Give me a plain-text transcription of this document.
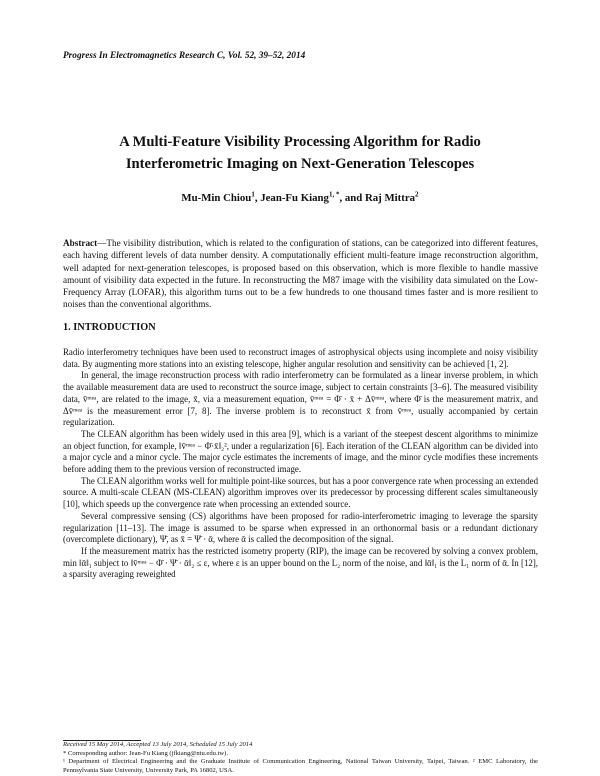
Progress In Electromagnetics Research C, Vol. 52, 39–52, 2014
A Multi-Feature Visibility Processing Algorithm for Radio
Interferometric Imaging on Next-Generation Telescopes
Mu-Min Chiou$^1$, Jean-Fu Kiang$^{1, *}$, and Raj Mittra$^2$

Abstract—The visibility distribution, which is related to the configuration of stations, can be categorized into different features, each having different levels of data number density. A computationally efficient multi-feature image reconstruction algorithm, well adapted for next-generation telescopes, is proposed based on this observation, which is more flexible to handle massive amount of visibility data expected in the future. In reconstructing the M87 image with the visibility data simulated on the Low-Frequency Array (LOFAR), this algorithm turns out to be a few hundreds to one thousand times faster and is more resilient to noises than the conventional algorithms.

1. INTRODUCTION

Radio interferometry techniques have been used to reconstruct images of astrophysical objects using incomplete and noisy visibility data. By augmenting more stations into an existing telescope, higher angular resolution and sensitivity can be achieved [1, 2].

In general, the image reconstruction process with radio interferometry can be formulated as a linear inverse problem, in which the available measurement data are used to reconstruct the source image, subject to certain constraints [3–6]. The measured visibility data, v̄ᵐᵉᵃ, are related to the image, x̄, via a measurement equation, v̄ᵐᵉᵃ = Φ̄ · x̄ + Δv̄ᵐᵉᵃ, where Φ̄ is the measurement matrix, and Δv̄ᵐᵉᵃ is the measurement error [7, 8]. The inverse problem is to reconstruct x̄ from v̄ᵐᵉᵃ, usually accompanied by certain regularization.

The CLEAN algorithm has been widely used in this area [9], which is a variant of the steepest descent algorithms to minimize an object function, for example, ‖v̄ᵐᵉᵃ − Φ̄·x̄‖₂², under a regularization [6]. Each iteration of the CLEAN algorithm can be divided into a major cycle and a minor cycle. The major cycle estimates the increments of image, and the minor cycle modifies these increments before adding them to the previous version of reconstructed image.

The CLEAN algorithm works well for multiple point-like sources, but has a poor convergence rate when processing an extended source. A multi-scale CLEAN (MS-CLEAN) algorithm improves over its predecessor by processing different scales simultaneously [10], which speeds up the convergence rate when processing an extended source.

Several compressive sensing (CS) algorithms have been proposed for radio-interferometric imaging to leverage the sparsity regularization [11–13]. The image is assumed to be sparse when expressed in an orthonormal basis or a redundant dictionary (overcomplete dictionary), Ψ̄, as x̄ = Ψ̄ · ᾱ, where ᾱ is called the decomposition of the signal.

If the measurement matrix has the restricted isometry property (RIP), the image can be recovered by solving a convex problem, min ‖ᾱ‖₁ subject to ‖v̄ᵐᵉᵃ − Φ̄ · Ψ̄ · ᾱ‖₂ ≤ ε, where ε is an upper bound on the L₂ norm of the noise, and ‖ᾱ‖₁ is the L₁ norm of ᾱ. In [12], a sparsity averaging reweighted

Received 15 May 2014, Accepted 13 July 2014, Scheduled 15 July 2014
* Corresponding author: Jean-Fu Kiang (jfkiang@ntu.edu.tw).
¹ Department of Electrical Engineering and the Graduate Institute of Communication Engineering, National Taiwan University, Taipei, Taiwan. ² EMC Laboratory, the Pennsylvania State University, University Park, PA 16802, USA.
